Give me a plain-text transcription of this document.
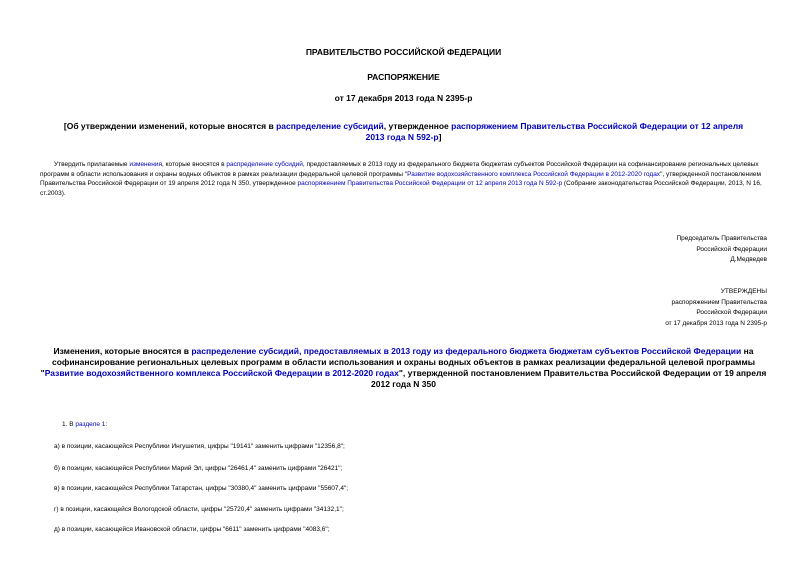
ПРАВИТЕЛЬСТВО РОССИЙСКОЙ ФЕДЕРАЦИИ
РАСПОРЯЖЕНИЕ
от 17 декабря 2013 года N 2395-р
[Об утверждении изменений, которые вносятся в распределение субсидий, утвержденное распоряжением Правительства Российской Федерации от 12 апреля
2013 года N 592-р]
Утвердить прилагаемые изменения, которые вносятся в распределение субсидий, предоставляемых в 2013 году из федерального бюджета бюджетам субъектов Российской Федерации на софинансирование региональных целевых программ в области использования и охраны водных объектов в рамках реализации федеральной целевой программы "Развитие водохозяйственного комплекса Российской Федерации в 2012-2020 годах", утвержденной постановлением Правительства Российской Федерации от 19 апреля 2012 года N 350, утвержденное распоряжением Правительства Российской Федерации от 12 апреля 2013 года N 592-р (Собрание законодательства Российской Федерации, 2013, N 16, ст.2003).
Председатель Правительства
Российской Федерации
Д.Медведев
УТВЕРЖДЕНЫ
распоряжением Правительства
Российской Федерации
от 17 декабря 2013 года N 2395-р
Изменения, которые вносятся в распределение субсидий, предоставляемых в 2013 году из федерального бюджета бюджетам субъектов Российской Федерации на софинансирование региональных целевых программ в области использования и охраны водных объектов в рамках реализации федеральной целевой программы "Развитие водохозяйственного комплекса Российской Федерации в 2012-2020 годах", утвержденной постановлением Правительства Российской Федерации от 19 апреля 2012 года N 350
1. В разделе 1:
а) в позиции, касающейся Республики Ингушетия, цифры "19141" заменить цифрами "12356,8";
б) в позиции, касающейся Республики Марий Эл, цифры "26461,4" заменить цифрами "26421";
в) в позиции, касающейся Республики Татарстан, цифры "30380,4" заменить цифрами "55607,4";
г) в позиции, касающейся Вологодской области, цифры "25720,4" заменить цифрами "34132,1";
д) в позиции, касающейся Ивановской области, цифры "6611" заменить цифрами "4083,6";
